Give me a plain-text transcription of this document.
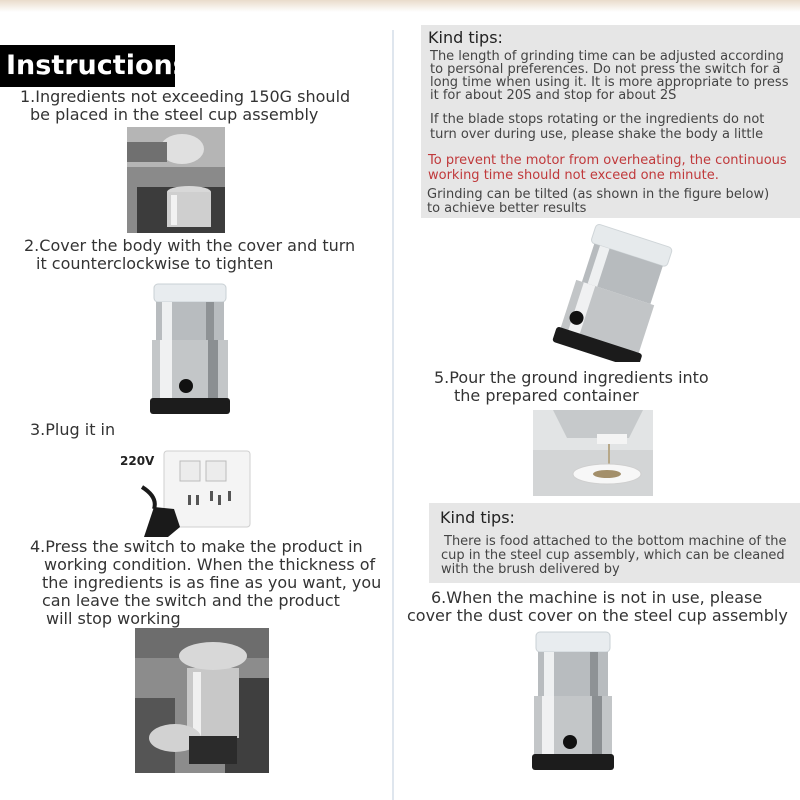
Instructions
1.Ingredients not exceeding 150G should
be placed in the steel cup assembly
2.Cover the body with the cover and turn
it counterclockwise to tighten
3.Plug it in
220V
4.Press the switch to make the product in
working condition. When the thickness of
the ingredients is as fine as you want, you
can leave the switch and the product
will stop working
Kind tips:
The length of grinding time can be adjusted according
to personal preferences. Do not press the switch for a
long time when using it. It is more appropriate to press
it for about 20S and stop for about 2S
If the blade stops rotating or the ingredients do not
turn over during use, please shake the body a little
To prevent the motor from overheating, the continuous
working time should not exceed one minute.
Grinding can be tilted (as shown in the figure below)
to achieve better results
5.Pour the ground ingredients into
the prepared container
Kind tips:
There is food attached to the bottom machine of the
cup in the steel cup assembly, which can be cleaned
with the brush delivered by
6.When the machine is not in use, please
cover the dust cover on the steel cup assembly
